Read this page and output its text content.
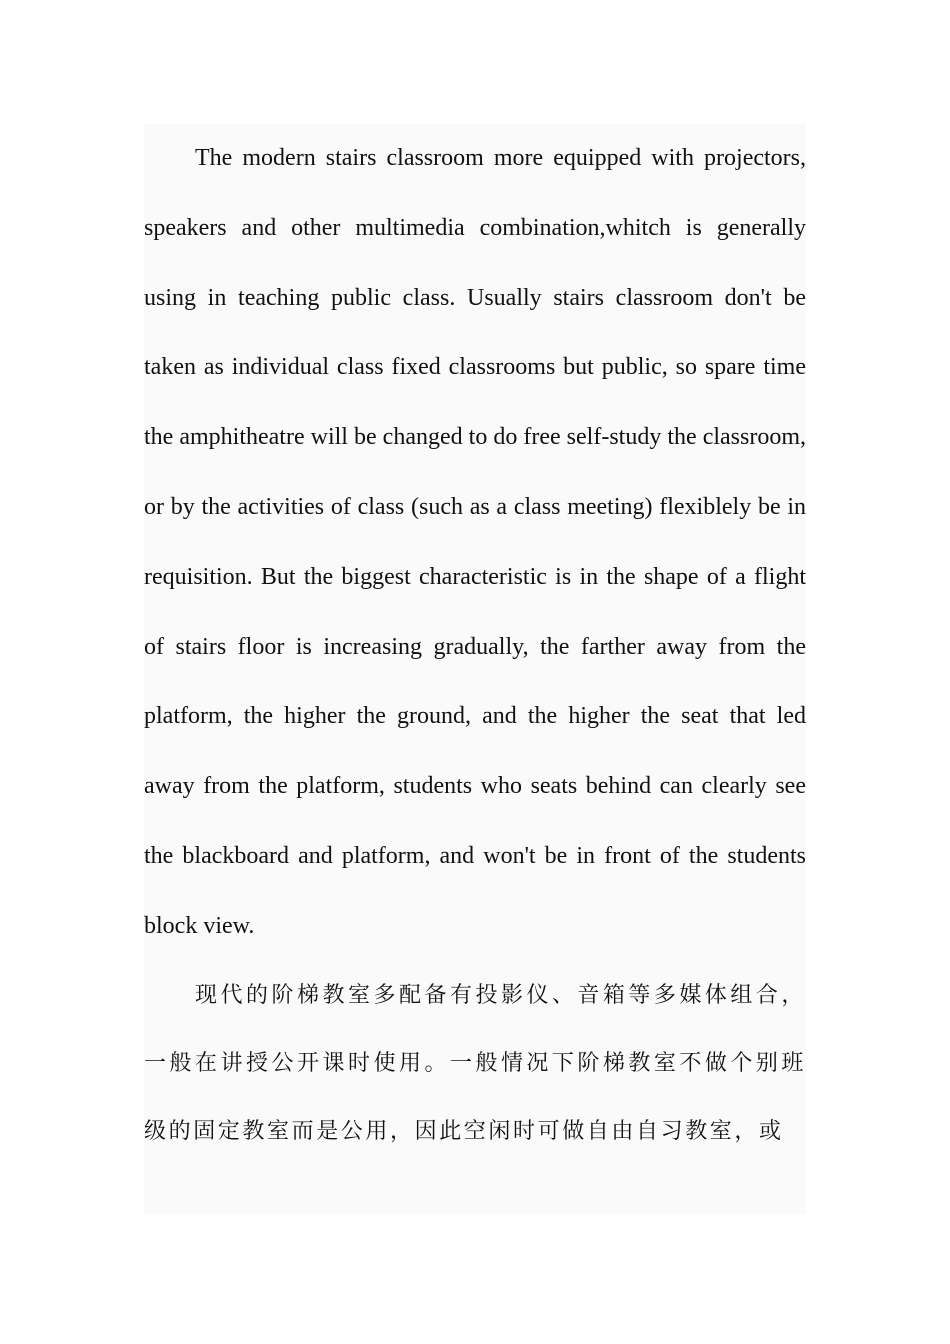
The modern stairs classroom more equipped with projectors, speakers and other multimedia combination,whitch is generally using in teaching public class. Usually stairs classroom don't be taken as individual class fixed classrooms but public, so spare time the amphitheatre will be changed to do free self-study the classroom, or by the activities of class (such as a class meeting) flexiblely be in requisition. But the biggest characteristic is in the shape of a flight of stairs floor is increasing gradually, the farther away from the platform, the higher the ground, and the higher the seat that led away from the platform, students who seats behind can clearly see the blackboard and platform, and won't be in front of the students block view.

现代的阶梯教室多配备有投影仪、音箱等多媒体组合，一般在讲授公开课时使用。一般情况下阶梯教室不做个别班级的固定教室而是公用，因此空闲时可做自由自习教室，或
